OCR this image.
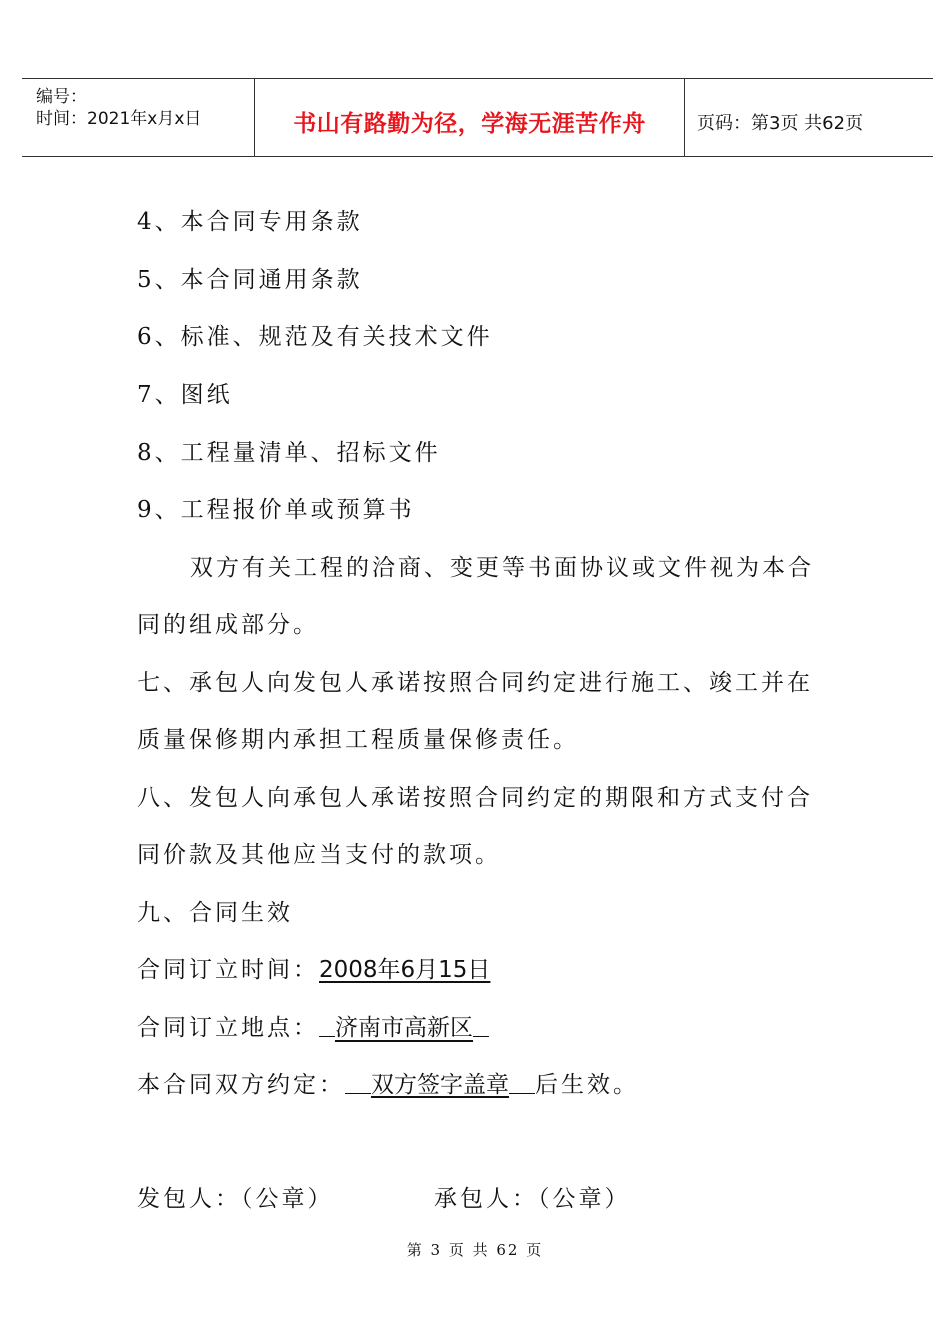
编号：
时间：2021年x月x日	书山有路勤为径，学海无涯苦作舟	页码：第3页 共62页
4、本合同专用条款
5、本合同通用条款
6、标准、规范及有关技术文件
7、图纸
8、工程量清单、招标文件
9、工程报价单或预算书
双方有关工程的洽商、变更等书面协议或文件视为本合
同的组成部分。
七、承包人向发包人承诺按照合同约定进行施工、竣工并在
质量保修期内承担工程质量保修责任。
八、发包人向承包人承诺按照合同约定的期限和方式支付合
同价款及其他应当支付的款项。
九、合同生效
合同订立时间：2008年6月15日
合同订立地点： 济南市高新区
本合同双方约定： 双方签字盖章 后生效。
发包人：（公章）	承包人：（公章）
第 3 页 共 62 页
